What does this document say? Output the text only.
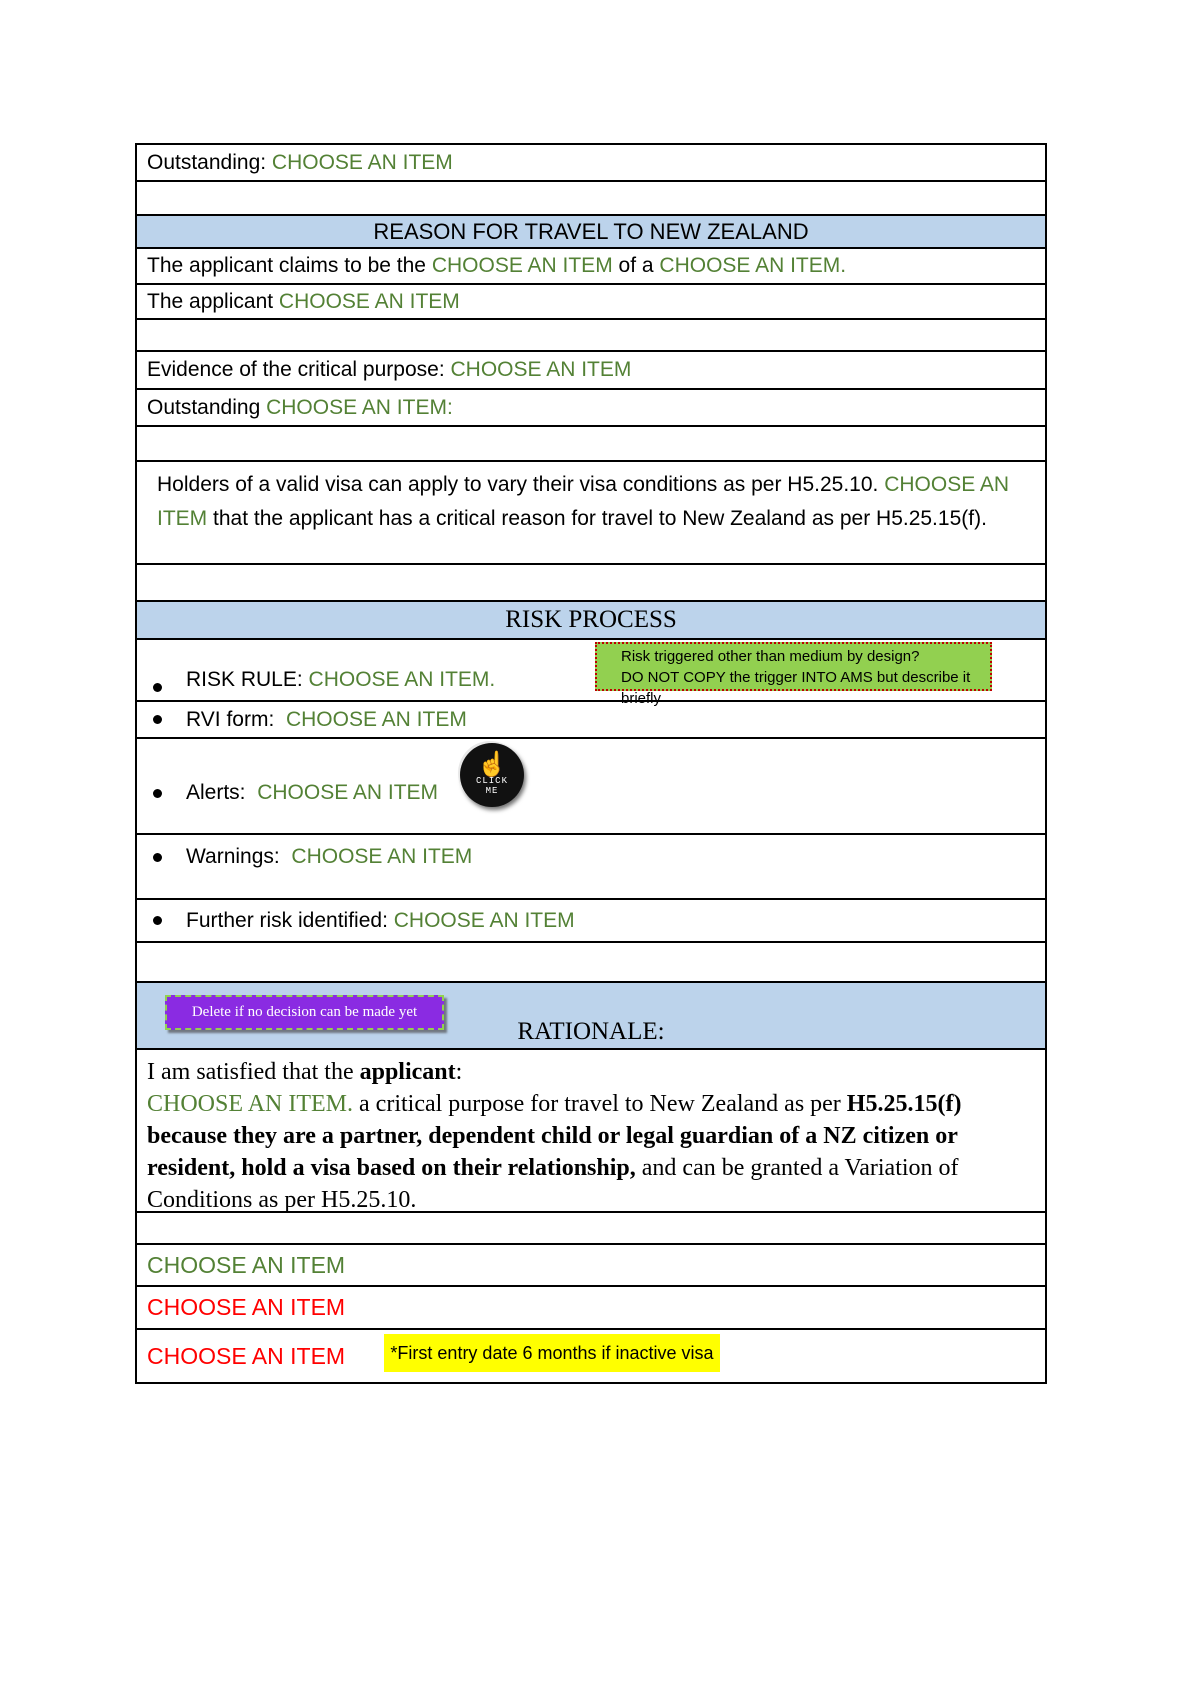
Outstanding: CHOOSE AN ITEM
REASON FOR TRAVEL TO NEW ZEALAND
The applicant claims to be the CHOOSE AN ITEM of a CHOOSE AN ITEM.
The applicant CHOOSE AN ITEM
Evidence of the critical purpose: CHOOSE AN ITEM
Outstanding CHOOSE AN ITEM:
Holders of a valid visa can apply to vary their visa conditions as per H5.25.10. CHOOSE AN ITEM that the applicant has a critical reason for travel to New Zealand as per H5.25.15(f).
RISK PROCESS
RISK RULE: CHOOSE AN ITEM.
Risk triggered other than medium by design?
DO NOT COPY the trigger INTO AMS but describe it briefly
RVI form: CHOOSE AN ITEM
Alerts: CHOOSE AN ITEM
☝
CLICK
ME
Warnings: CHOOSE AN ITEM
Further risk identified: CHOOSE AN ITEM
Delete if no decision can be made yet
RATIONALE:
I am satisfied that the applicant:
CHOOSE AN ITEM. a critical purpose for travel to New Zealand as per H5.25.15(f) because they are a partner, dependent child or legal guardian of a NZ citizen or resident, hold a visa based on their relationship, and can be granted a Variation of Conditions as per H5.25.10.
CHOOSE AN ITEM
CHOOSE AN ITEM
CHOOSE AN ITEM	*First entry date 6 months if inactive visa
